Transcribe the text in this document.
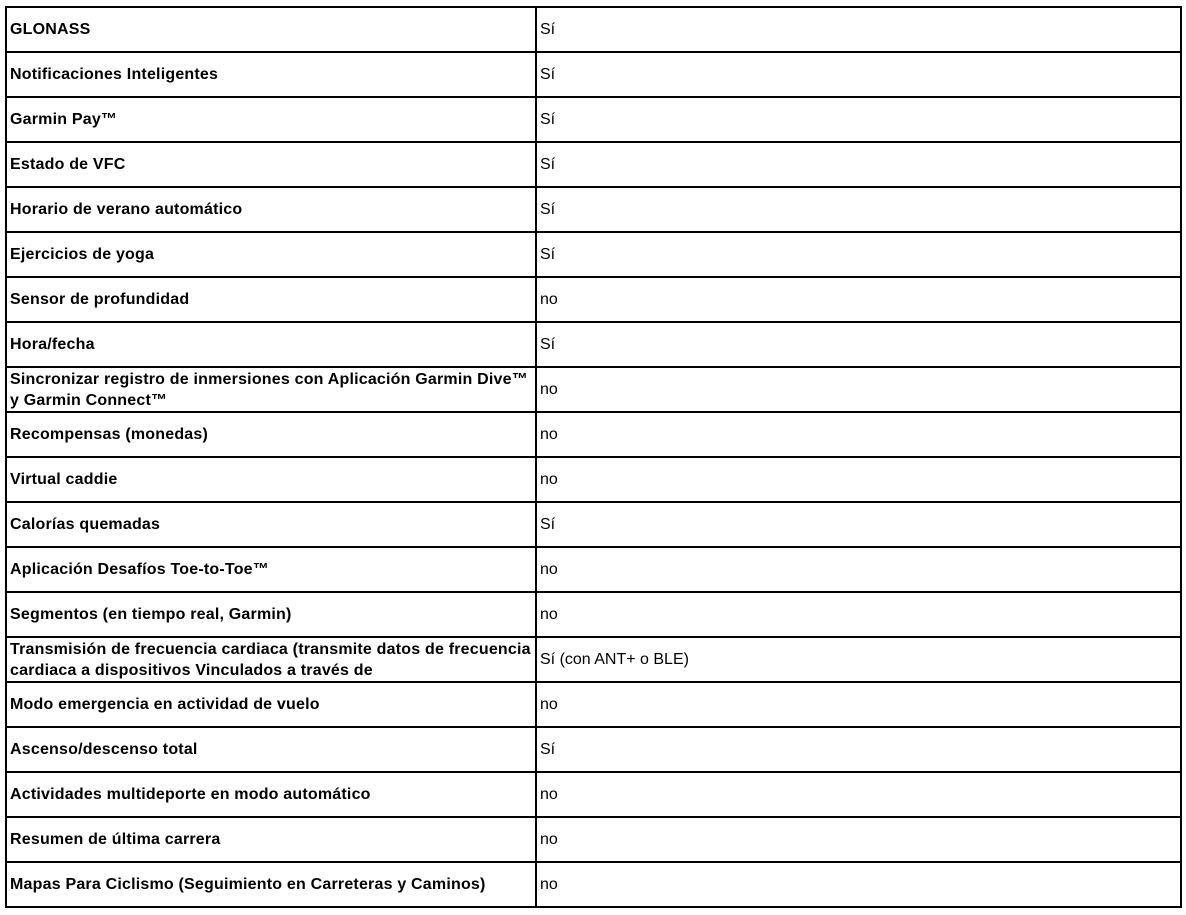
GLONASS	Sí

Notificaciones Inteligentes	Sí

Garmin Pay™	Sí

Estado de VFC	Sí

Horario de verano automático	Sí

Ejercicios de yoga	Sí

Sensor de profundidad	no

Hora/fecha	Sí

Sincronizar registro de inmersiones con Aplicación Garmin Dive™ y Garmin Connect™	no

Recompensas (monedas)	no

Virtual caddie	no

Calorías quemadas	Sí

Aplicación Desafíos Toe-to-Toe™	no

Segmentos (en tiempo real, Garmin)	no

Transmisión de frecuencia cardiaca (transmite datos de frecuencia cardiaca a dispositivos Vinculados a través de	Sí (con ANT+ o BLE)

Modo emergencia en actividad de vuelo	no

Ascenso/descenso total	Sí

Actividades multideporte en modo automático	no

Resumen de última carrera	no

Mapas Para Ciclismo (Seguimiento en Carreteras y Caminos)	no
